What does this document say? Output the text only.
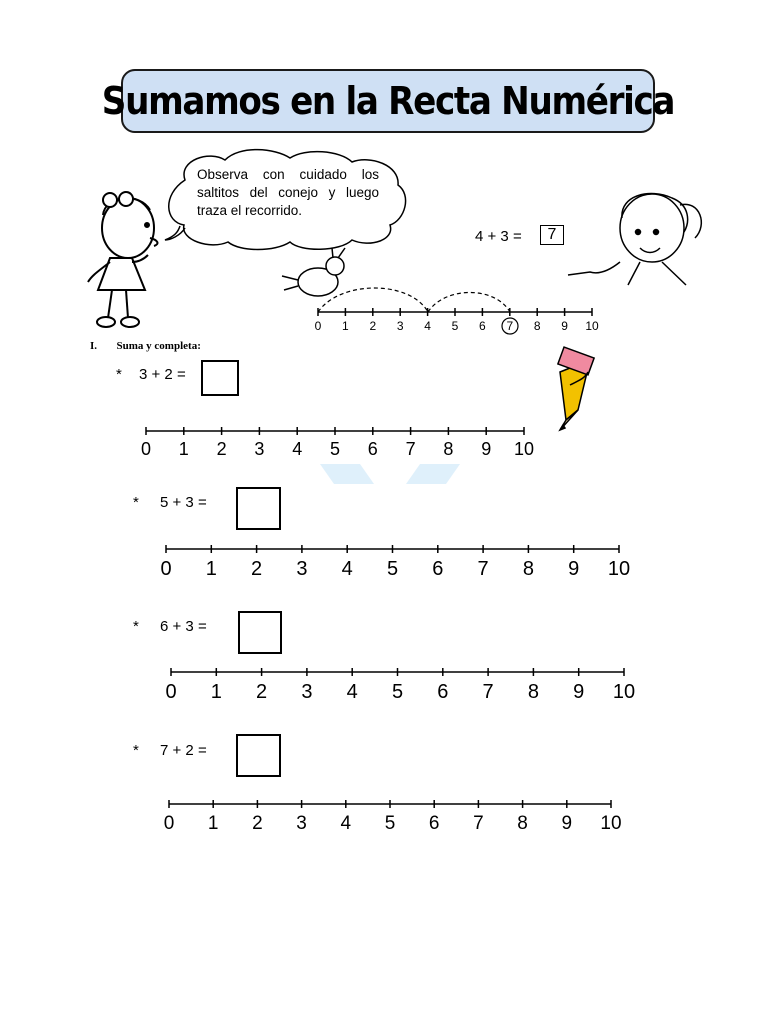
Sumamos en la Recta Numérica
0 1 2 3 4 5 6 7 8 9 10
0 1 2 3 4 5 6 7 8 9 10
0 1 2 3 4 5 6 7 8 9 10
0 1 2 3 4 5 6 7 8 9 10
0 1 2 3 4 5 6 7 8 9 10
Observa con cuidado los saltitos del conejo y luego traza el recorrido.
4 + 3 = 7
I. Suma y completa:
* 3 + 2 =
* 5 + 3 =
* 6 + 3 =
* 7 + 2 =
